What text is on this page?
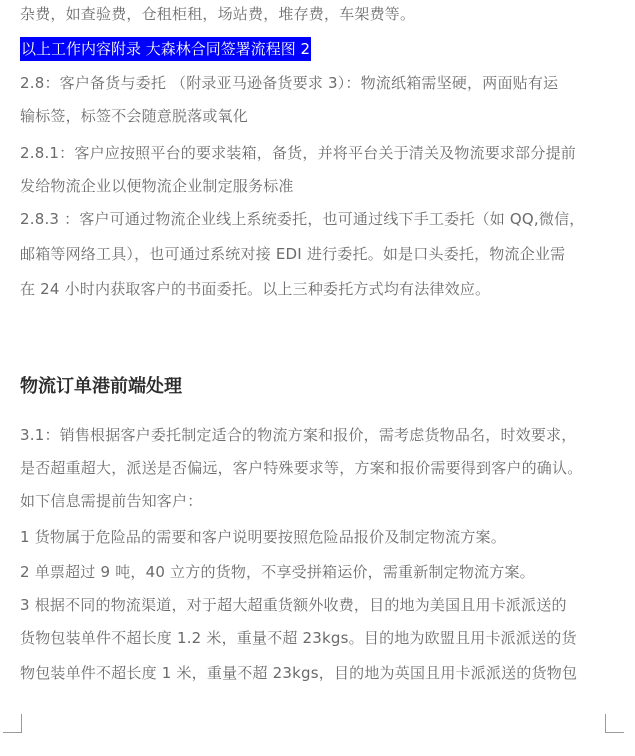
杂费，如查验费，仓租柜租，场站费，堆存费，车架费等。
以上工作内容附录 大森林合同签署流程图 2
2.8：客户备货与委托 （附录亚马逊备货要求 3）：物流纸箱需坚硬，两面贴有运
输标签，标签不会随意脱落或氧化
2.8.1：客户应按照平台的要求装箱，备货，并将平台关于清关及物流要求部分提前
发给物流企业以便物流企业制定服务标准
2.8.3 ：客户可通过物流企业线上系统委托，也可通过线下手工委托（如 QQ,微信，
邮箱等网络工具），也可通过系统对接 EDI 进行委托。如是口头委托，物流企业需
在 24 小时内获取客户的书面委托。以上三种委托方式均有法律效应。
物流订单港前端处理
3.1：销售根据客户委托制定适合的物流方案和报价，需考虑货物品名，时效要求，
是否超重超大，派送是否偏远，客户特殊要求等，方案和报价需要得到客户的确认。
如下信息需提前告知客户：
1 货物属于危险品的需要和客户说明要按照危险品报价及制定物流方案。
2 单票超过 9 吨，40 立方的货物，不享受拼箱运价，需重新制定物流方案。
3 根据不同的物流渠道，对于超大超重货额外收费，目的地为美国且用卡派派送的
货物包装单件不超长度 1.2 米，重量不超 23kgs。目的地为欧盟且用卡派派送的货
物包装单件不超长度 1 米，重量不超 23kgs，目的地为英国且用卡派派送的货物包
